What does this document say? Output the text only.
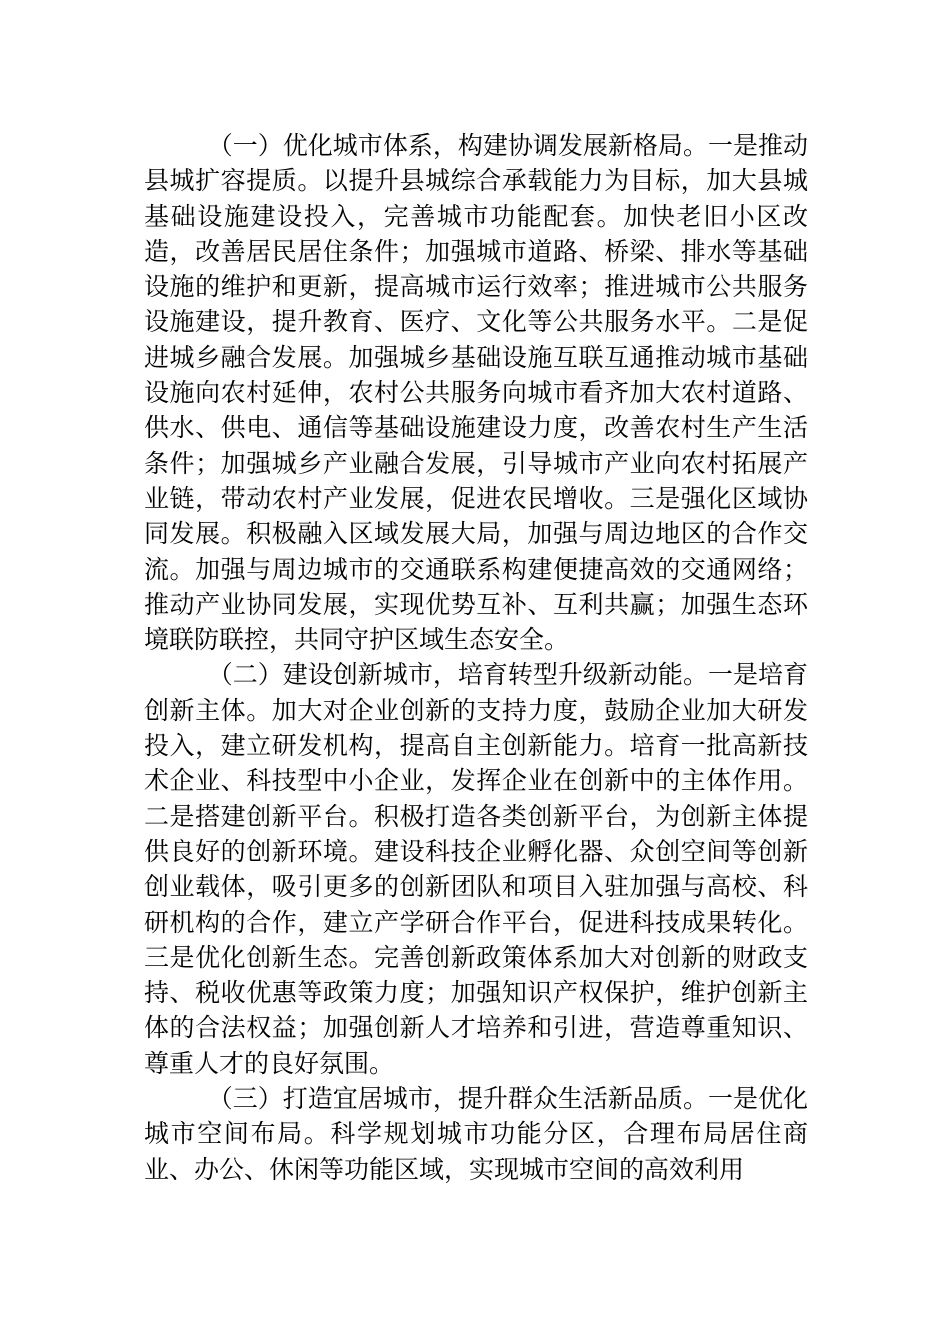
（一）优化城市体系，构建协调发展新格局。一是推动县城扩容提质。以提升县城综合承载能力为目标，加大县城基础设施建设投入，完善城市功能配套。加快老旧小区改造，改善居民居住条件；加强城市道路、桥梁、排水等基础设施的维护和更新，提高城市运行效率；推进城市公共服务设施建设，提升教育、医疗、文化等公共服务水平。二是促进城乡融合发展。加强城乡基础设施互联互通推动城市基础设施向农村延伸，农村公共服务向城市看齐加大农村道路、供水、供电、通信等基础设施建设力度，改善农村生产生活条件；加强城乡产业融合发展，引导城市产业向农村拓展产业链，带动农村产业发展，促进农民增收。三是强化区域协同发展。积极融入区域发展大局，加强与周边地区的合作交流。加强与周边城市的交通联系构建便捷高效的交通网络；推动产业协同发展，实现优势互补、互利共赢；加强生态环境联防联控，共同守护区域生态安全。

（二）建设创新城市，培育转型升级新动能。一是培育创新主体。加大对企业创新的支持力度，鼓励企业加大研发投入，建立研发机构，提高自主创新能力。培育一批高新技术企业、科技型中小企业，发挥企业在创新中的主体作用。二是搭建创新平台。积极打造各类创新平台，为创新主体提供良好的创新环境。建设科技企业孵化器、众创空间等创新创业载体，吸引更多的创新团队和项目入驻加强与高校、科研机构的合作，建立产学研合作平台，促进科技成果转化。三是优化创新生态。完善创新政策体系加大对创新的财政支持、税收优惠等政策力度；加强知识产权保护，维护创新主体的合法权益；加强创新人才培养和引进，营造尊重知识、尊重人才的良好氛围。

（三）打造宜居城市，提升群众生活新品质。一是优化城市空间布局。科学规划城市功能分区，合理布局居住商业、办公、休闲等功能区域，实现城市空间的高效利用
